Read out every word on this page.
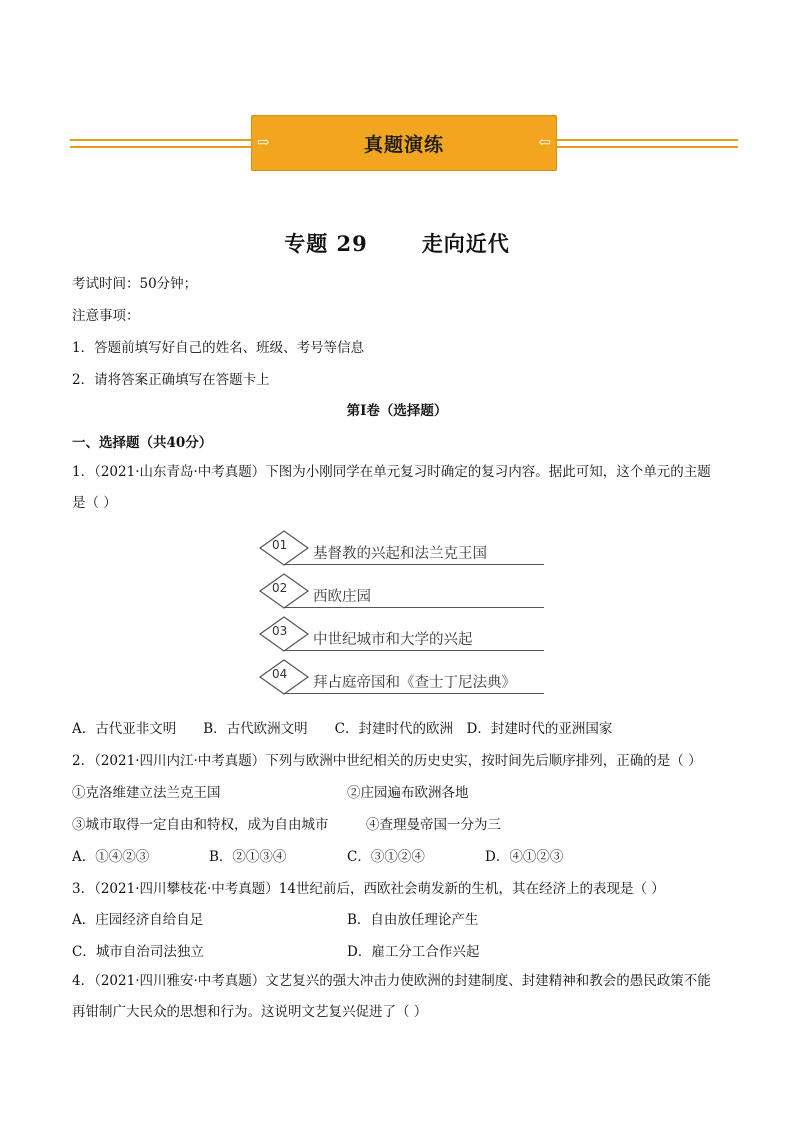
⇨	真题演练	⇦
专题 29	走向近代
考试时间：50分钟；
注意事项：
1．答题前填写好自己的姓名、班级、考号等信息
2．请将答案正确填写在答题卡上
第I卷（选择题）
一、选择题（共40分）
1．（2021·山东青岛·中考真题）下图为小刚同学在单元复习时确定的复习内容。据此可知，这个单元的主题是（ ）
01
基督教的兴起和法兰克王国
02
西欧庄园
03
中世纪城市和大学的兴起
04
拜占庭帝国和《查士丁尼法典》
A．古代亚非文明　　B．古代欧洲文明　　C．封建时代的欧洲　D．封建时代的亚洲国家
2．（2021·四川内江·中考真题）下列与欧洲中世纪相关的历史史实，按时间先后顺序排列，正确的是（ ）
①克洛维建立法兰克王国	②庄园遍布欧洲各地
③城市取得一定自由和特权，成为自由城市	④查理曼帝国一分为三
A．①④②③	B．②①③④	C．③①②④	D．④①②③
3．（2021·四川攀枝花·中考真题）14世纪前后，西欧社会萌发新的生机，其在经济上的表现是（ ）
A．庄园经济自给自足	B．自由放任理论产生
C．城市自治司法独立	D．雇工分工合作兴起
4．（2021·四川雅安·中考真题）文艺复兴的强大冲击力使欧洲的封建制度、封建精神和教会的愚民政策不能再钳制广大民众的思想和行为。这说明文艺复兴促进了（ ）
